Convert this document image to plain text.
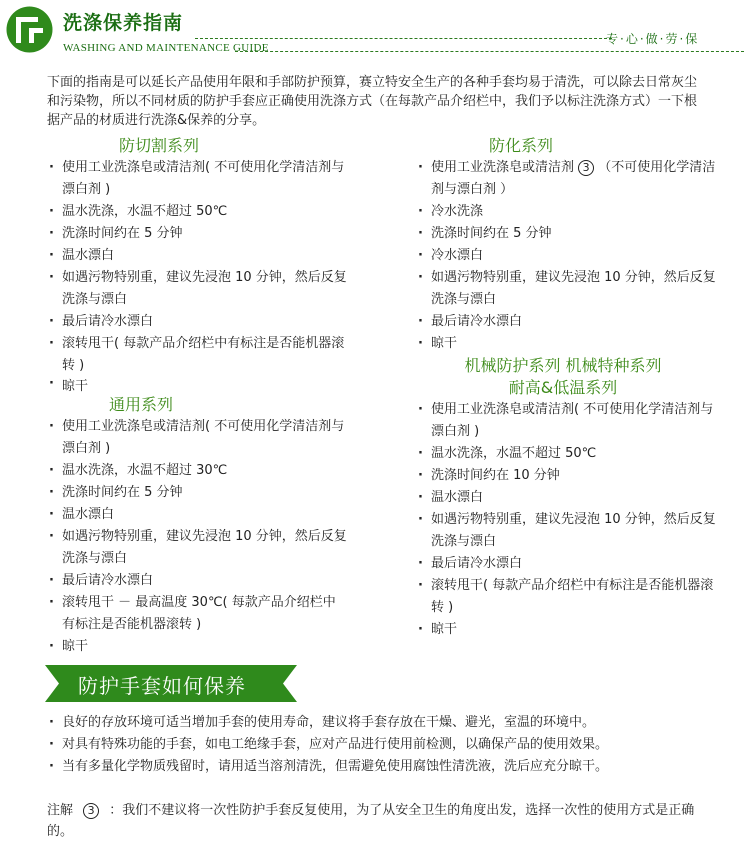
洗涤保养指南
专·心·做·劳·保
WASHING AND MAINTENANCE GUIDE

下面的指南是可以延长产品使用年限和手部防护预算，赛立特安全生产的各种手套均易于清洗，可以除去日常灰尘和污染物，所以不同材质的防护手套应正确使用洗涤方式（在每款产品介绍栏中，我们予以标注洗涤方式）一下根据产品的材质进行洗涤&保养的分享。

防切割系列
· 使用工业洗涤皂或清洁剂( 不可使用化学清洁剂与漂白剂 )
· 温水洗涤，水温不超过 50℃
· 洗涤时间约在 5 分钟
· 温水漂白
· 如遇污物特别重，建议先浸泡 10 分钟，然后反复洗涤与漂白
· 最后请冷水漂白
· 滚转甩干( 每款产品介绍栏中有标注是否能机器滚转 )
· 晾干
通用系列
· 使用工业洗涤皂或清洁剂( 不可使用化学清洁剂与漂白剂 )
· 温水洗涤，水温不超过 30℃
· 洗涤时间约在 5 分钟
· 温水漂白
· 如遇污物特别重，建议先浸泡 10 分钟，然后反复洗涤与漂白
· 最后请冷水漂白
· 滚转甩干 － 最高温度 30℃( 每款产品介绍栏中有标注是否能机器滚转 )
· 晾干
防化系列
· 使用工业洗涤皂或清洁剂 3 （不可使用化学清洁剂与漂白剂 ）
· 冷水洗涤
· 洗涤时间约在 5 分钟
· 冷水漂白
· 如遇污物特别重，建议先浸泡 10 分钟，然后反复洗涤与漂白
· 最后请冷水漂白
· 晾干
机械防护系列 机械特种系列
耐高&低温系列
· 使用工业洗涤皂或清洁剂( 不可使用化学清洁剂与漂白剂 )
· 温水洗涤，水温不超过 50℃
· 洗涤时间约在 10 分钟
· 温水漂白
· 如遇污物特别重，建议先浸泡 10 分钟，然后反复洗涤与漂白
· 最后请冷水漂白
· 滚转甩干( 每款产品介绍栏中有标注是否能机器滚转 )
· 晾干
防护手套如何保养
· 良好的存放环境可适当增加手套的使用寿命，建议将手套存放在干燥、避光，室温的环境中。
· 对具有特殊功能的手套，如电工绝缘手套，应对产品进行使用前检测，以确保产品的使用效果。
· 当有多量化学物质残留时，请用适当溶剂清洗，但需避免使用腐蚀性清洗液，洗后应充分晾干。

注解 3 ：我们不建议将一次性防护手套反复使用，为了从安全卫生的角度出发，选择一次性的使用方式是正确的。
